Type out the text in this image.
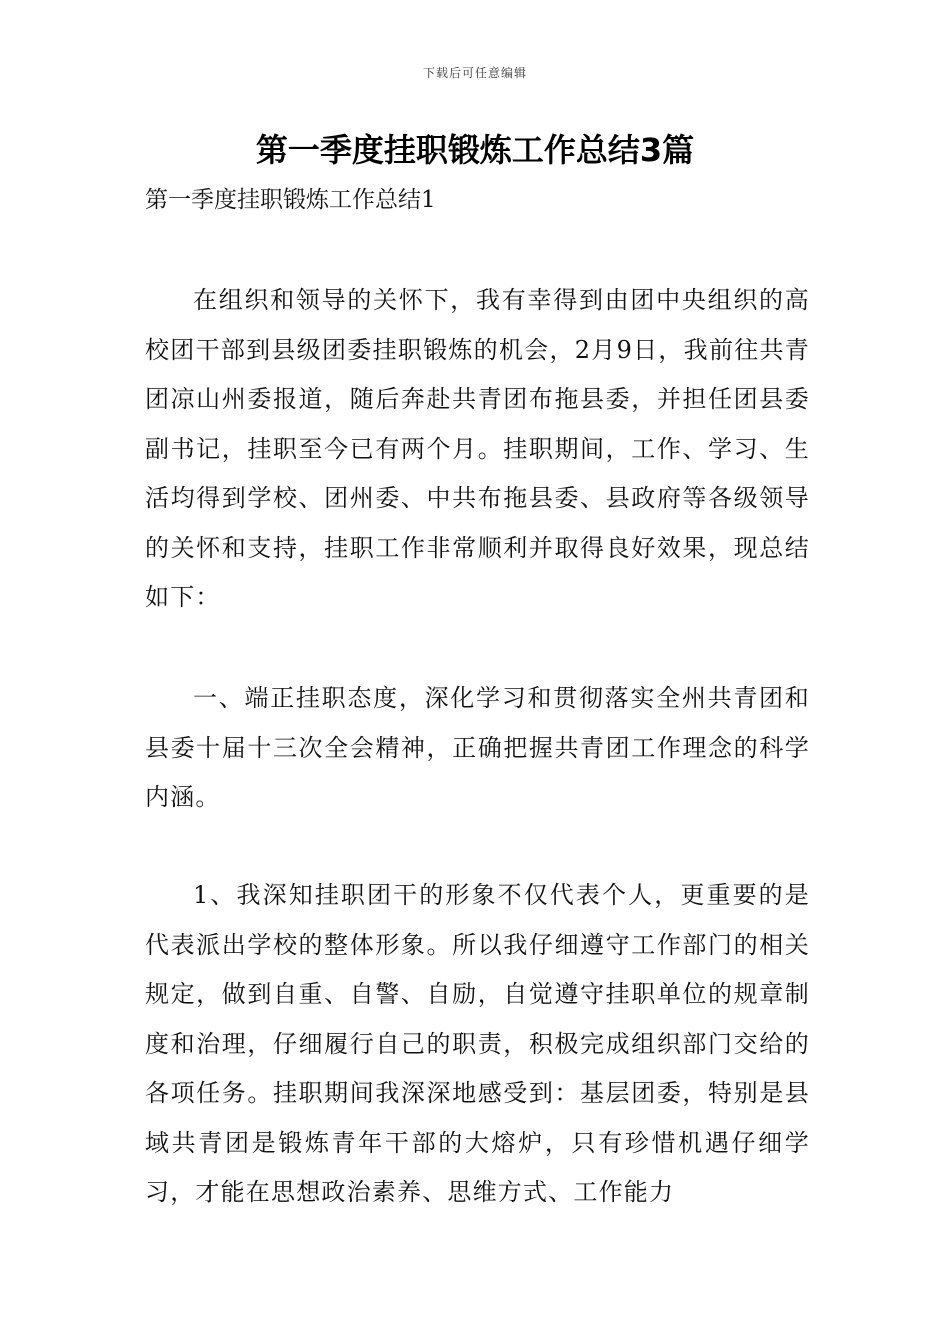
下载后可任意编辑
第一季度挂职锻炼工作总结3篇

第一季度挂职锻炼工作总结1

在组织和领导的关怀下，我有幸得到由团中央组织的高校团干部到县级团委挂职锻炼的机会，2月9日，我前往共青团凉山州委报道，随后奔赴共青团布拖县委，并担任团县委副书记，挂职至今已有两个月。挂职期间，工作、学习、生活均得到学校、团州委、中共布拖县委、县政府等各级领导的关怀和支持，挂职工作非常顺利并取得良好效果，现总结如下：

一、端正挂职态度，深化学习和贯彻落实全州共青团和县委十届十三次全会精神，正确把握共青团工作理念的科学内涵。

1、我深知挂职团干的形象不仅代表个人，更重要的是代表派出学校的整体形象。所以我仔细遵守工作部门的相关规定，做到自重、自警、自励，自觉遵守挂职单位的规章制度和治理，仔细履行自己的职责，积极完成组织部门交给的各项任务。挂职期间我深深地感受到：基层团委，特别是县域共青团是锻炼青年干部的大熔炉，只有珍惜机遇仔细学习，才能在思想政治素养、思维方式、工作能力
